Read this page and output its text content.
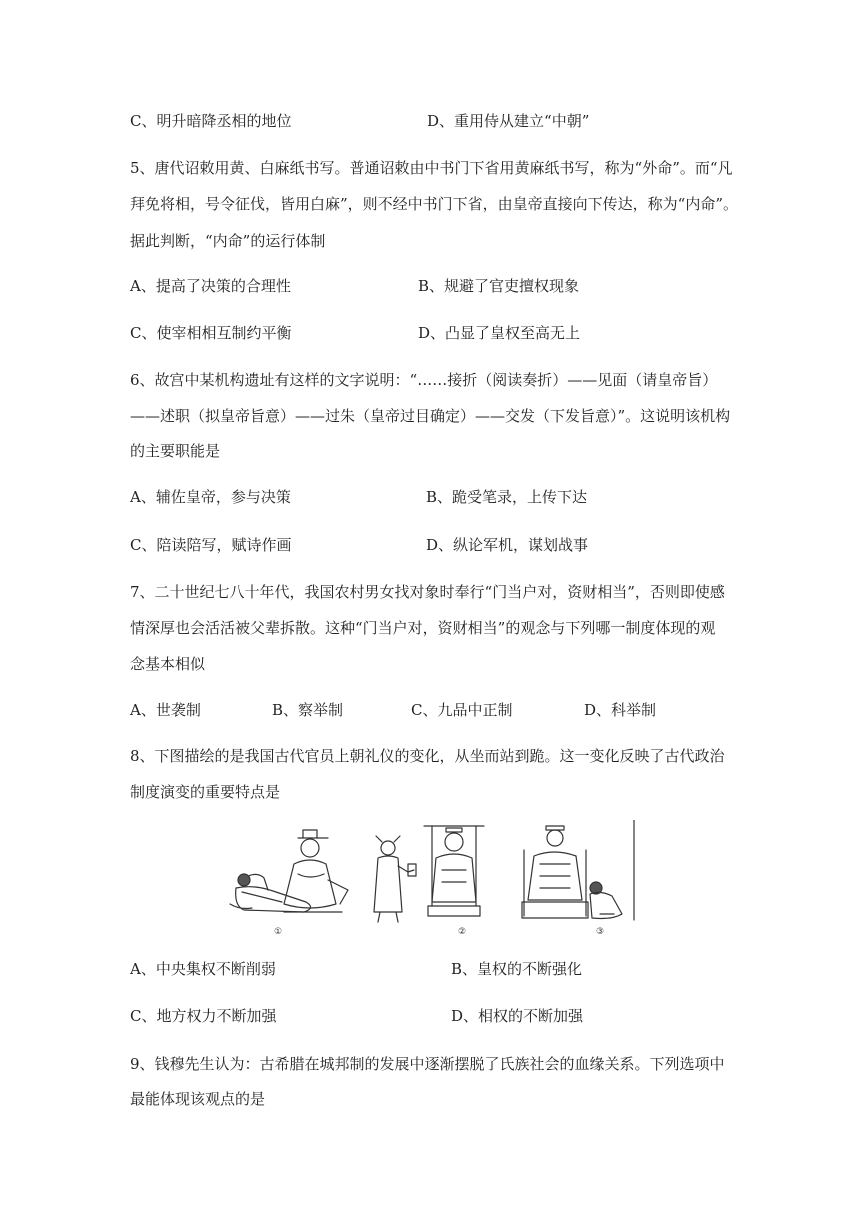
C、明升暗降丞相的地位	D、重用侍从建立“中朝”
5、唐代诏敕用黄、白麻纸书写。普通诏敕由中书门下省用黄麻纸书写，称为“外命”。而“凡
拜免将相，号令征伐，皆用白麻”，则不经中书门下省，由皇帝直接向下传达，称为“内命”。
据此判断，“内命”的运行体制
A、提高了决策的合理性	B、规避了官吏擅权现象
C、使宰相相互制约平衡	D、凸显了皇权至高无上
6、故宫中某机构遗址有这样的文字说明：“……接折（阅读奏折）——见面（请皇帝旨）
——述职（拟皇帝旨意）——过朱（皇帝过目确定）——交发（下发旨意）”。这说明该机构
的主要职能是
A、辅佐皇帝，参与决策	B、跪受笔录，上传下达
C、陪读陪写，赋诗作画	D、纵论军机，谋划战事
7、二十世纪七八十年代，我国农村男女找对象时奉行“门当户对，资财相当”，否则即使感
情深厚也会活活被父辈拆散。这种“门当户对，资财相当”的观念与下列哪一制度体现的观
念基本相似
A、世袭制	B、察举制	C、九品中正制	D、科举制
8、下图描绘的是我国古代官员上朝礼仪的变化，从坐而站到跪。这一变化反映了古代政治
制度演变的重要特点是
①	②	③
A、中央集权不断削弱	B、皇权的不断强化
C、地方权力不断加强	D、相权的不断加强
9、钱穆先生认为：古希腊在城邦制的发展中逐渐摆脱了氏族社会的血缘关系。下列选项中
最能体现该观点的是
